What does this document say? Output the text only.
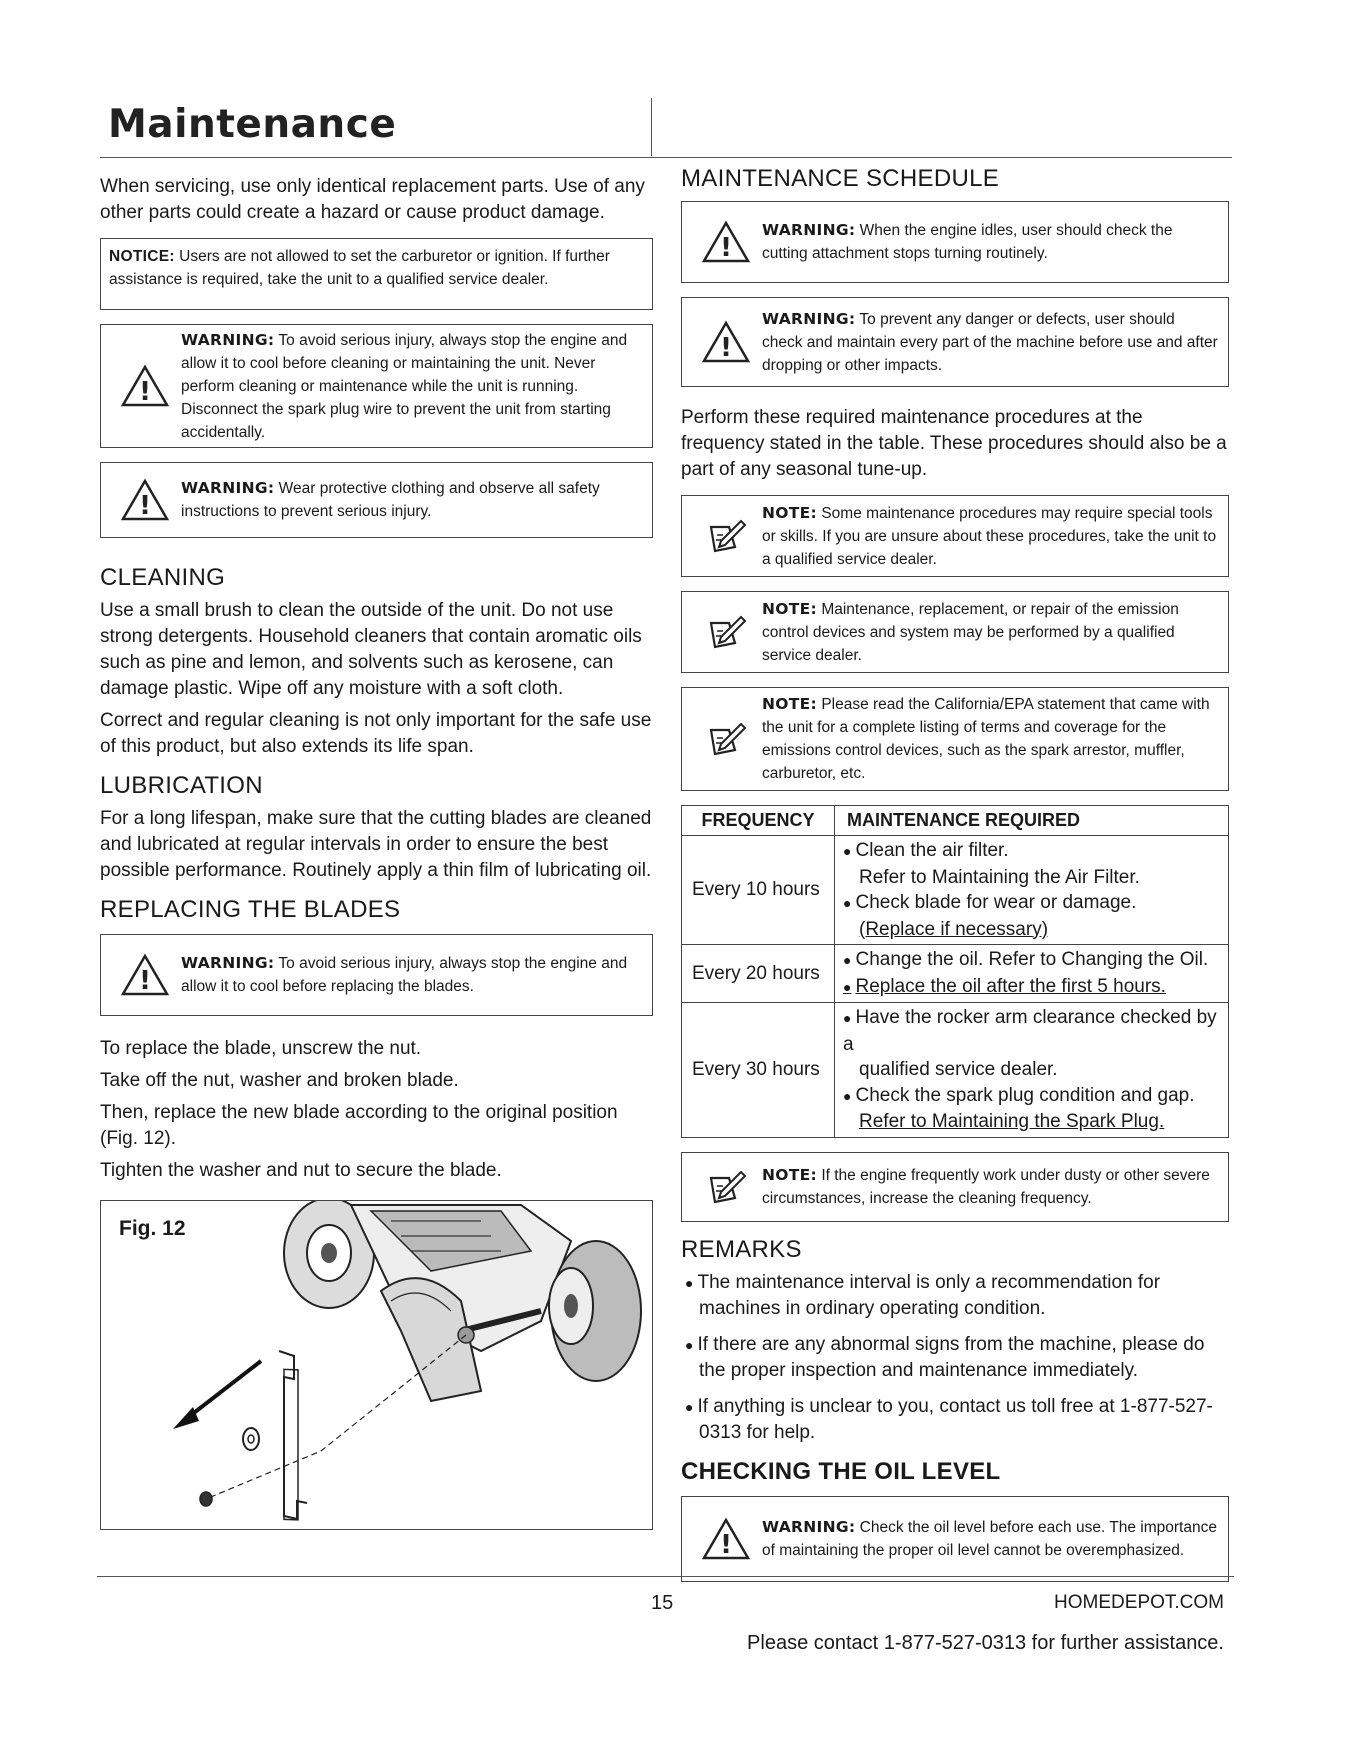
Maintenance

When servicing, use only identical replacement parts. Use of any other parts could create a hazard or cause product damage.

NOTICE: Users are not allowed to set the carburetor or ignition. If further assistance is required, take the unit to a qualified service dealer.
!
WARNING: To avoid serious injury, always stop the engine and allow it to cool before cleaning or maintaining the unit. Never perform cleaning or maintenance while the unit is running. Disconnect the spark plug wire to prevent the unit from starting accidentally.
!
WARNING: Wear protective clothing and observe all safety instructions to prevent serious injury.
CLEANING

Use a small brush to clean the outside of the unit. Do not use strong detergents. Household cleaners that contain aromatic oils such as pine and lemon, and solvents such as kerosene, can damage plastic. Wipe off any moisture with a soft cloth.

Correct and regular cleaning is not only important for the safe use of this product, but also extends its life span.

LUBRICATION

For a long lifespan, make sure that the cutting blades are cleaned and lubricated at regular intervals in order to ensure the best possible performance. Routinely apply a thin film of lubricating oil.

REPLACING THE BLADES
!
WARNING: To avoid serious injury, always stop the engine and allow it to cool before replacing the blades.

To replace the blade, unscrew the nut.

Take off the nut, washer and broken blade.

Then, replace the new blade according to the original position (Fig. 12).

Tighten the washer and nut to secure the blade.

Fig. 12
MAINTENANCE SCHEDULE
!
WARNING: When the engine idles, user should check the cutting attachment stops turning routinely.
!
WARNING: To prevent any danger or defects, user should check and maintain every part of the machine before use and after dropping or other impacts.

Perform these required maintenance procedures at the frequency stated in the table. These procedures should also be a part of any seasonal tune-up.

NOTE: Some maintenance procedures may require special tools or skills. If you are unsure about these procedures, take the unit to a qualified service dealer.
NOTE: Maintenance, replacement, or repair of the emission control devices and system may be performed by a qualified service dealer.
NOTE: Please read the California/EPA statement that came with the unit for a complete listing of terms and coverage for the emissions control devices, such as the spark arrestor, muffler, carburetor, etc.
FREQUENCY	MAINTENANCE REQUIRED
Every 10 hours	● Clean the air filter.
Refer to Maintaining the Air Filter.
● Check blade for wear or damage.
(Replace if necessary)

Every 20 hours	● Change the oil. Refer to Changing the Oil.
● Replace the oil after the first 5 hours.

Every 30 hours	● Have the rocker arm clearance checked by a
qualified service dealer.
● Check the spark plug condition and gap.
Refer to Maintaining the Spark Plug.
NOTE: If the engine frequently work under dusty or other severe circumstances, increase the cleaning frequency.
REMARKS
● The maintenance interval is only a recommendation for machines in ordinary operating condition.
● If there are any abnormal signs from the machine, please do the proper inspection and maintenance immediately.
● If anything is unclear to you, contact us toll free at 1-877-527-0313 for help.
CHECKING THE OIL LEVEL
!
WARNING: Check the oil level before each use. The importance of maintaining the proper oil level cannot be overemphasized.
15	HOMEDEPOT.COM
Please contact 1-877-527-0313 for further assistance.
